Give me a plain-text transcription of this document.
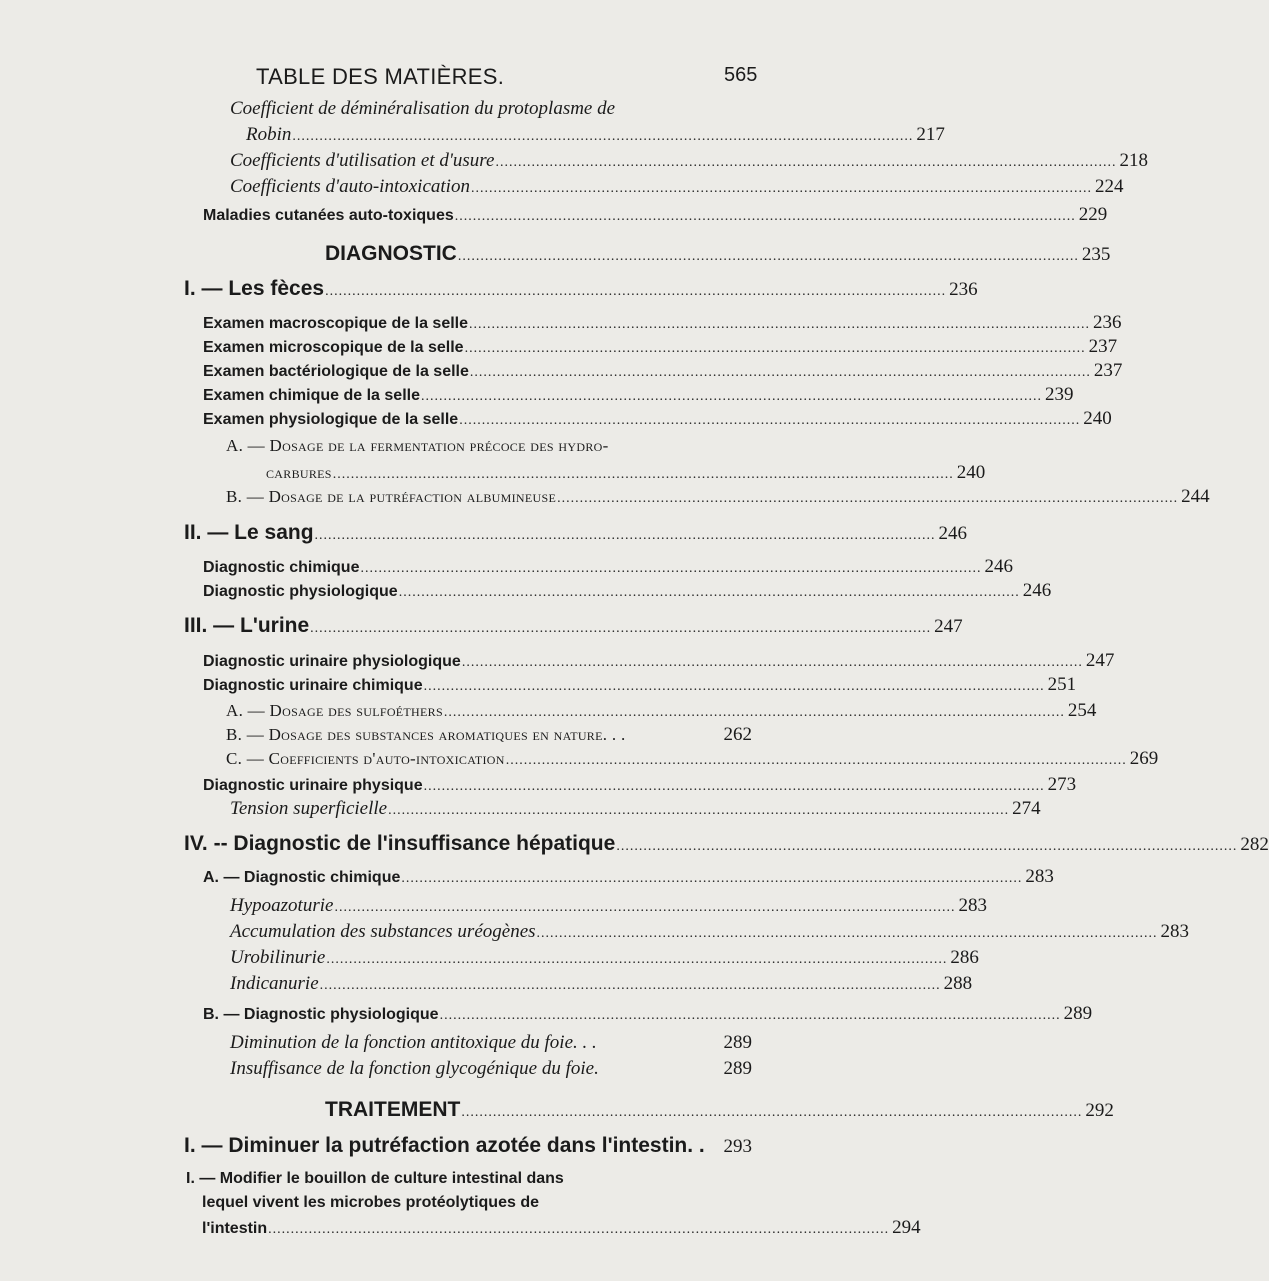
TABLE DES MATIÈRES.	565
Coefficient de déminéralisation du protoplasme de
Robin .......................................................................................................................................... 217
Coefficients d'utilisation et d'usure .......................................................................................................................................... 218
Coefficients d'auto-intoxication .......................................................................................................................................... 224
Maladies cutanées auto-toxiques .......................................................................................................................................... 229
DIAGNOSTIC .......................................................................................................................................... 235
I. — Les fèces .......................................................................................................................................... 236
Examen macroscopique de la selle .......................................................................................................................................... 236
Examen microscopique de la selle .......................................................................................................................................... 237
Examen bactériologique de la selle .......................................................................................................................................... 237
Examen chimique de la selle .......................................................................................................................................... 239
Examen physiologique de la selle .......................................................................................................................................... 240
A. — Dosage de la fermentation précoce des hydro-
carbures .......................................................................................................................................... 240
B. — Dosage de la putréfaction albumineuse .......................................................................................................................................... 244
II. — Le sang .......................................................................................................................................... 246
Diagnostic chimique .......................................................................................................................................... 246
Diagnostic physiologique .......................................................................................................................................... 246
III. — L'urine .......................................................................................................................................... 247
Diagnostic urinaire physiologique .......................................................................................................................................... 247
Diagnostic urinaire chimique .......................................................................................................................................... 251
A. — Dosage des sulfoéthers .......................................................................................................................................... 254
B. — Dosage des substances aromatiques en nature. . .	262
C. — Coefficients d'auto-intoxication .......................................................................................................................................... 269
Diagnostic urinaire physique .......................................................................................................................................... 273
Tension superficielle .......................................................................................................................................... 274
IV. -- Diagnostic de l'insuffisance hépatique .......................................................................................................................................... 282
A. — Diagnostic chimique .......................................................................................................................................... 283
Hypoazoturie .......................................................................................................................................... 283
Accumulation des substances uréogènes .......................................................................................................................................... 283
Urobilinurie .......................................................................................................................................... 286
Indicanurie .......................................................................................................................................... 288
B. — Diagnostic physiologique .......................................................................................................................................... 289
Diminution de la fonction antitoxique du foie. . .	289
Insuffisance de la fonction glycogénique du foie.	289
TRAITEMENT .......................................................................................................................................... 292
I. — Diminuer la putréfaction azotée dans l'intestin. . 293
I. — Modifier le bouillon de culture intestinal dans
lequel vivent les microbes protéolytiques de
l'intestin .......................................................................................................................................... 294
